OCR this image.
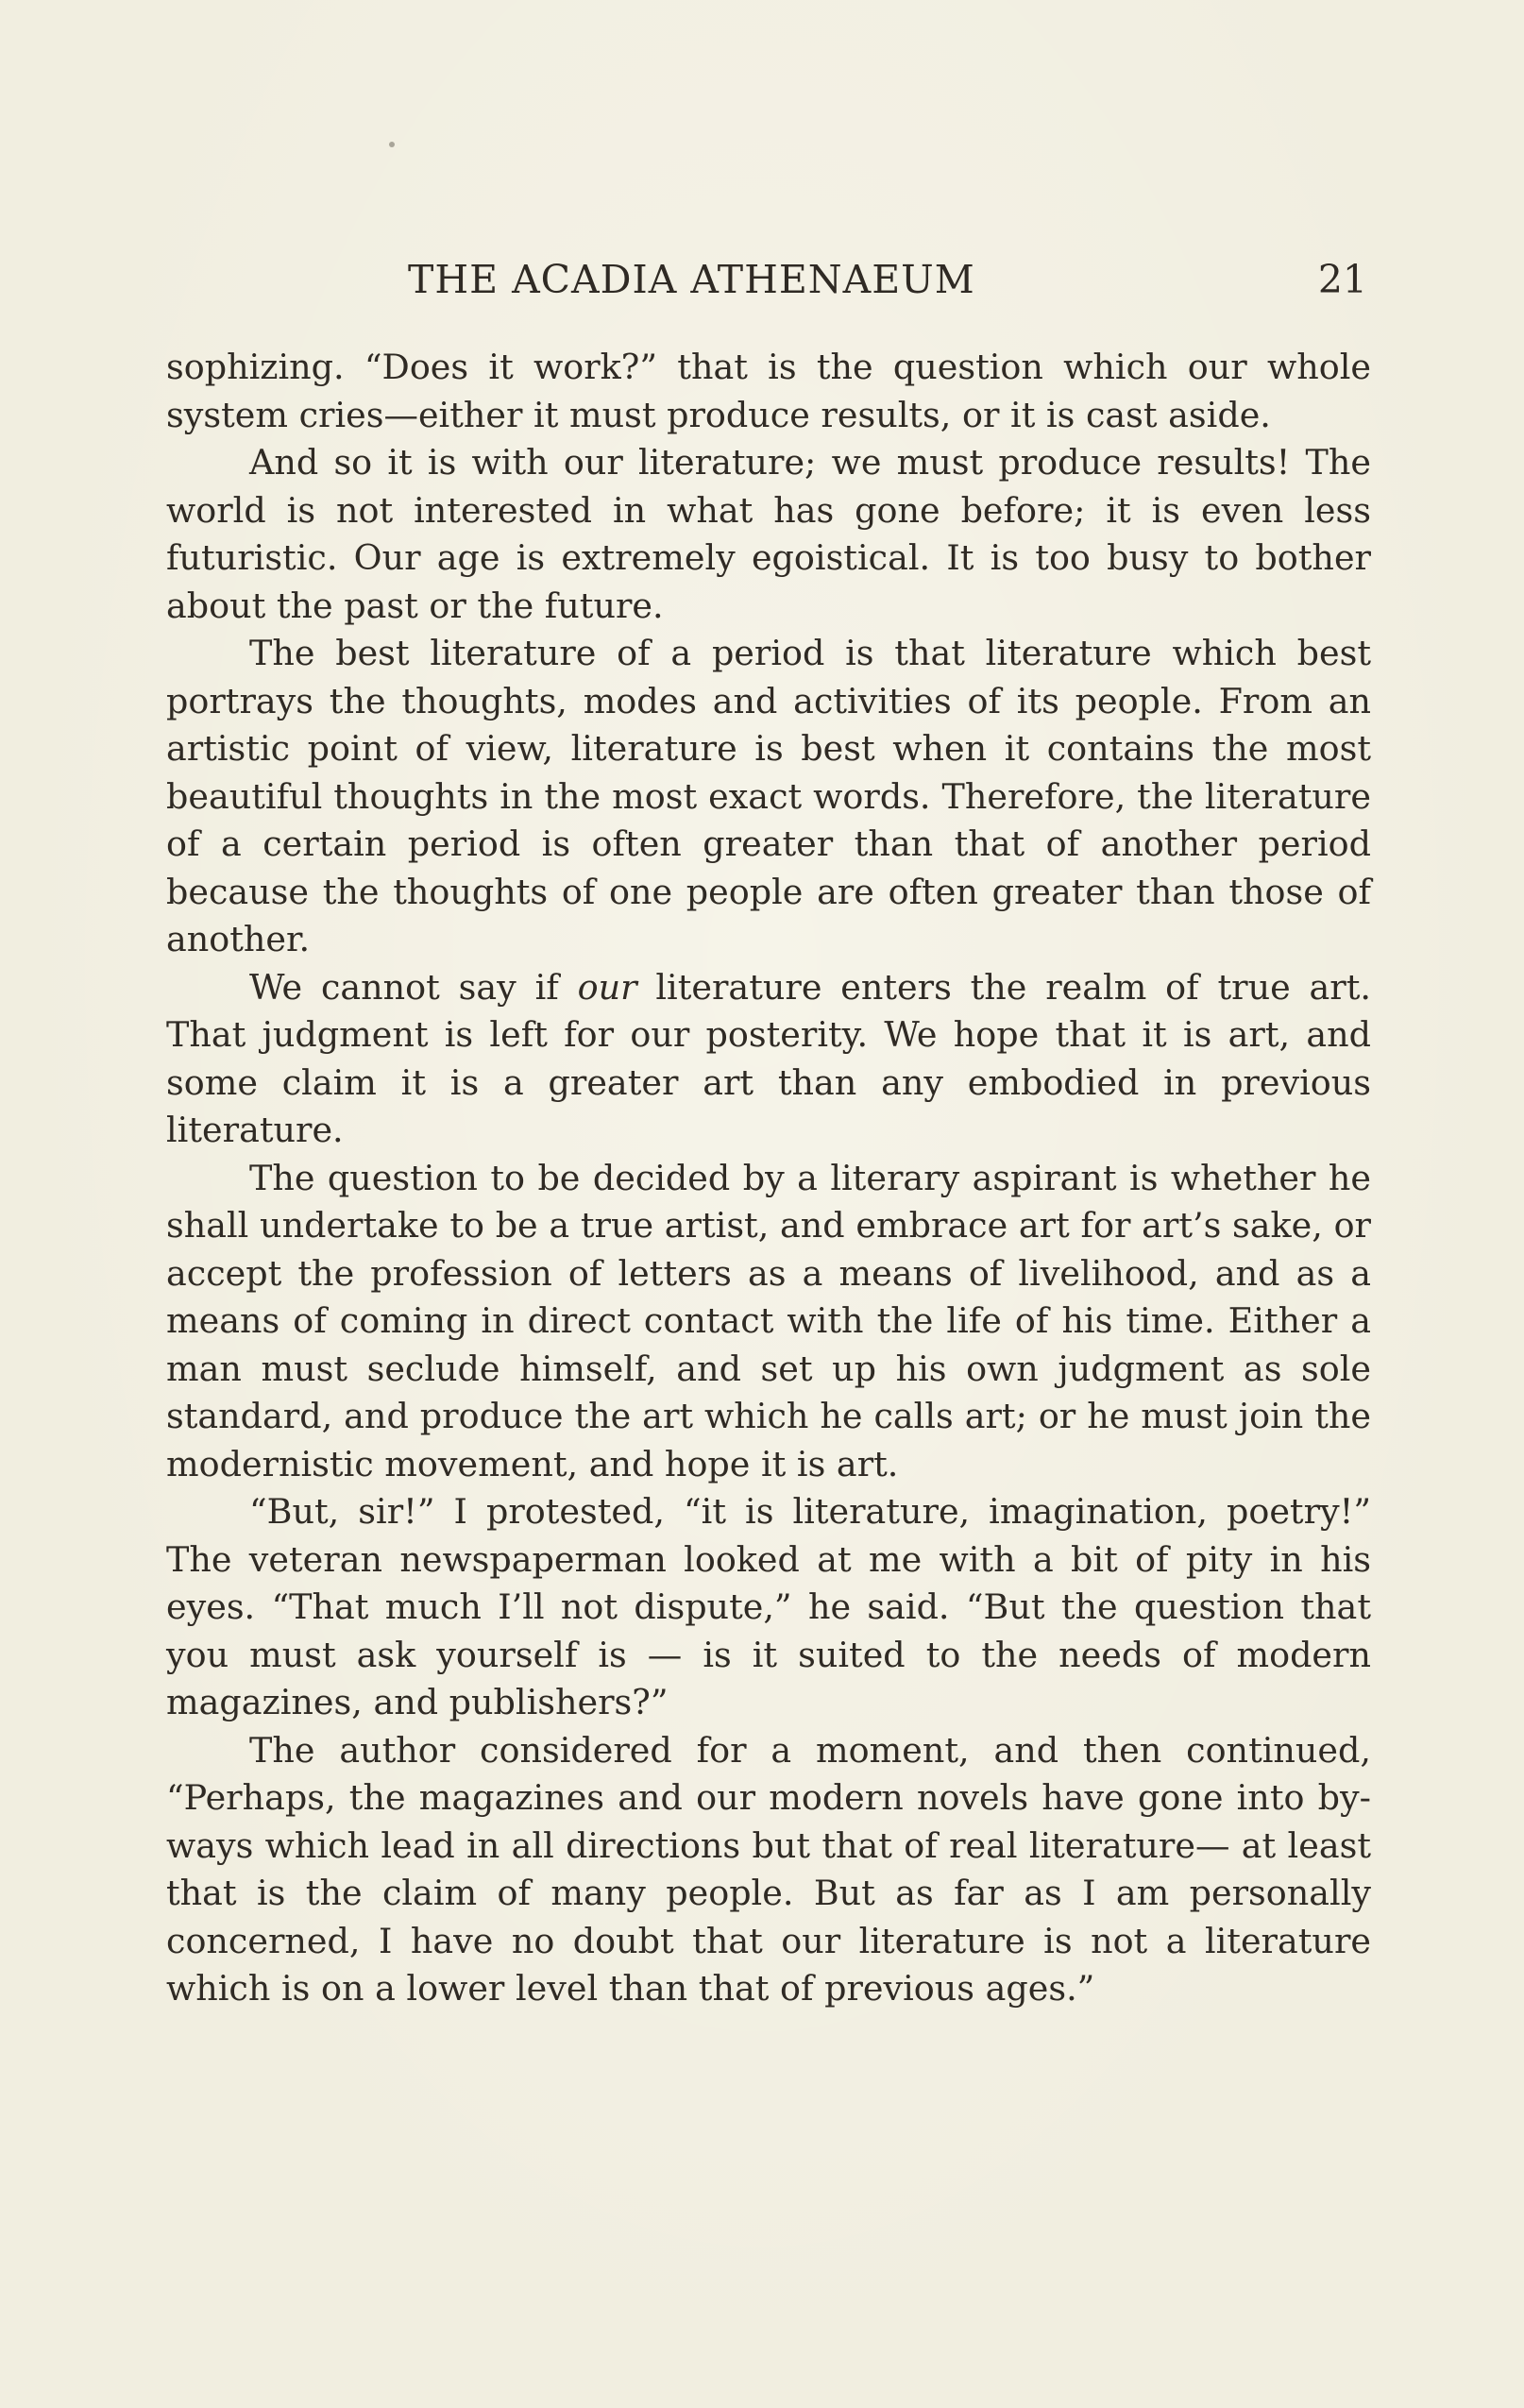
THE ACADIA ATHENAEUM	21

sophizing. “Does it work?” that is the question which our whole system cries—either it must produce results, or it is cast aside.

And so it is with our literature; we must produce results! The world is not interested in what has gone before; it is even less futuristic. Our age is extremely egoistical. It is too busy to bother about the past or the future.

The best literature of a period is that literature which best portrays the thoughts, modes and activities of its people. From an artistic point of view, literature is best when it contains the most beautiful thoughts in the most exact words. Therefore, the literature of a certain period is often greater than that of another period because the thoughts of one people are often greater than those of another.

We cannot say if our literature enters the realm of true art. That judgment is left for our posterity. We hope that it is art, and some claim it is a greater art than any embodied in previous literature.

The question to be decided by a literary aspirant is whether he shall undertake to be a true artist, and embrace art for art’s sake, or accept the profession of letters as a means of livelihood, and as a means of coming in direct contact with the life of his time. Either a man must seclude himself, and set up his own judgment as sole standard, and produce the art which he calls art; or he must join the modernistic movement, and hope it is art.

“But, sir!” I protested, “it is literature, imagination, poetry!” The veteran newspaperman looked at me with a bit of pity in his eyes. “That much I’ll not dispute,” he said. “But the question that you must ask yourself is — is it suited to the needs of modern magazines, and publishers?”

The author considered for a moment, and then continued, “Perhaps, the magazines and our modern novels have gone into by-ways which lead in all directions but that of real literature— at least that is the claim of many people. But as far as I am personally concerned, I have no doubt that our literature is not a literature which is on a lower level than that of previous ages.”
